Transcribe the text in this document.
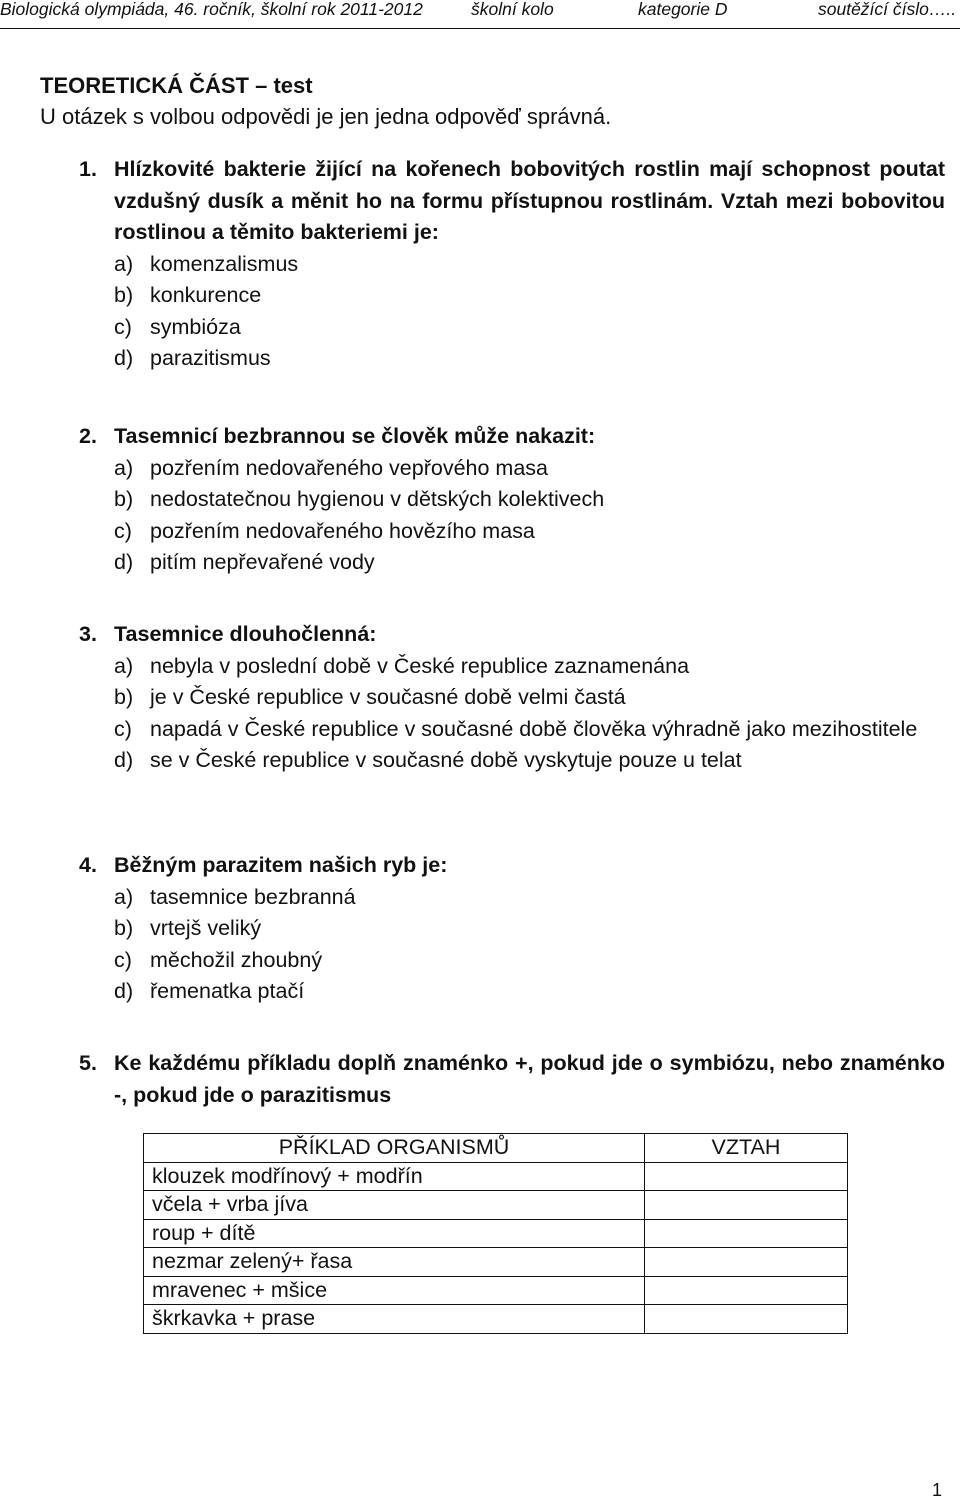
Biologická olympiáda, 46. ročník, školní rok 2011-2012	školní kolo	kategorie D	soutěžící číslo…..
TEORETICKÁ ČÁST – test
U otázek s volbou odpovědi je jen jedna odpověď správná.
1. Hlízkovité bakterie žijící na kořenech bobovitých rostlin mají schopnost poutat vzdušný dusík a měnit ho na formu přístupnou rostlinám. Vztah mezi bobovitou rostlinou a těmito bakteriemi je:
a) komenzalismus
b) konkurence
c) symbióza
d) parazitismus
2. Tasemnicí bezbrannou se člověk může nakazit:
a) pozřením nedovařeného vepřového masa
b) nedostatečnou hygienou v dětských kolektivech
c) pozřením nedovařeného hovězího masa
d) pitím nepřevařené vody
3. Tasemnice dlouhočlenná:
a) nebyla v poslední době v České republice zaznamenána
b) je v České republice v současné době velmi častá
c) napadá v České republice v současné době člověka výhradně jako mezihostitele
d) se v České republice v současné době vyskytuje pouze u telat
4. Běžným parazitem našich ryb je:
a) tasemnice bezbranná
b) vrtejš veliký
c) měchožil zhoubný
d) řemenatka ptačí
5. Ke každému příkladu doplň znaménko +, pokud jde o symbiózu, nebo znaménko -, pokud jde o parazitismus
PŘÍKLAD ORGANISMŮ	VZTAH
klouzek modřínový + modřín	
včela + vrba jíva	
roup + dítě	
nezmar zelený+ řasa	
mravenec + mšice	
škrkavka + prase	
1
